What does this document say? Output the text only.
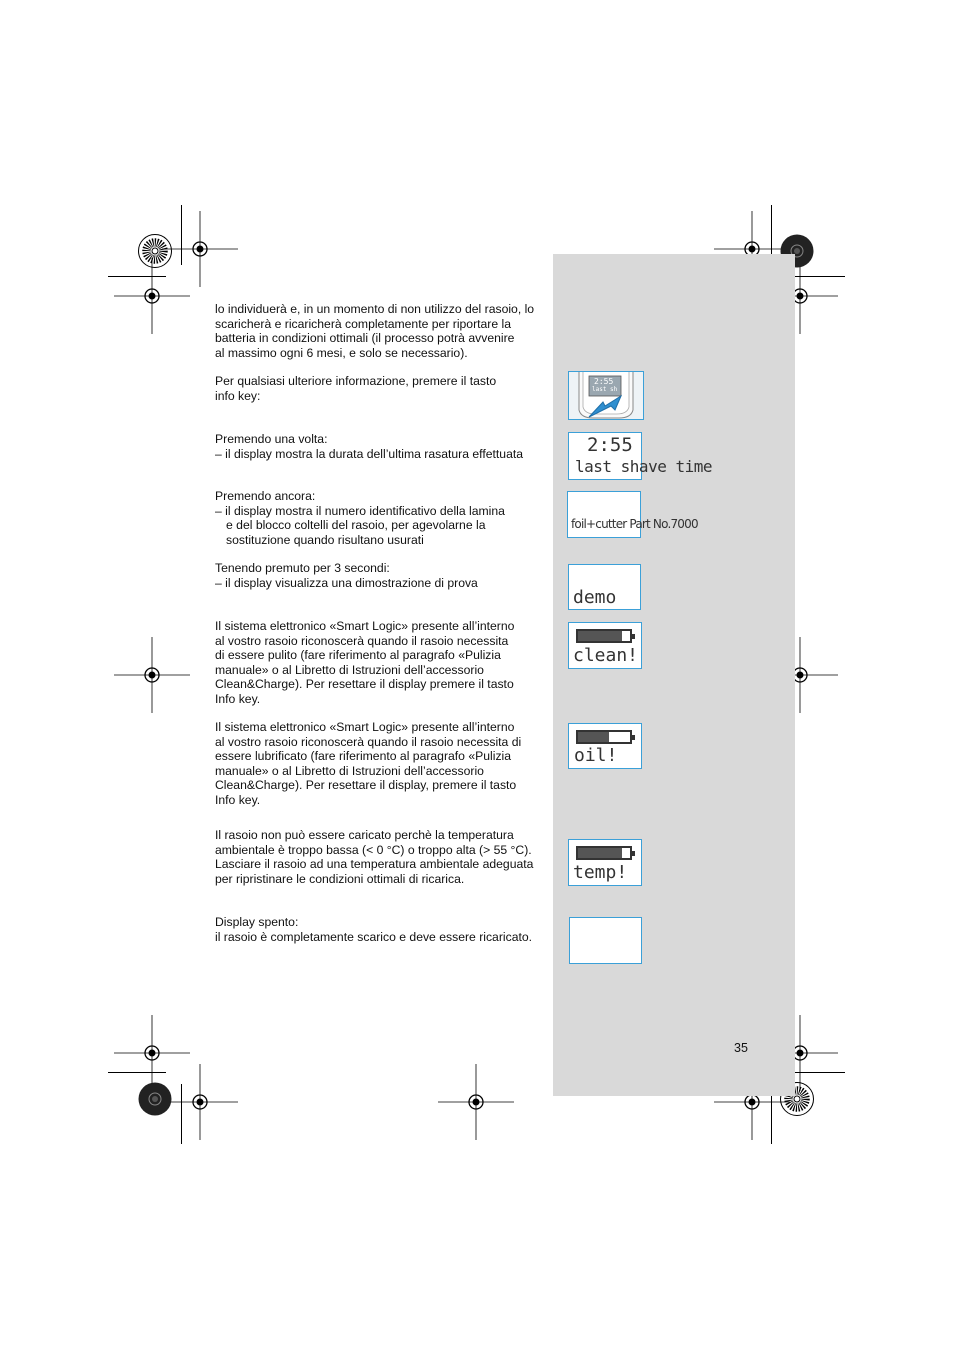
lo individuerà e, in un momento di non utilizzo del rasoio, lo
scaricherà e ricaricherà completamente per riportare la
batteria in condizioni ottimali (il processo potrà avvenire
al massimo ogni 6 mesi, e solo se necessario).
Per qualsiasi ulteriore informazione, premere il tasto
info key:
Premendo una volta:
– il display mostra la durata dell’ultima rasatura effettuata
Premendo ancora:
– il display mostra il numero identificativo della lamina
e del blocco coltelli del rasoio, per agevolarne la
sostituzione quando risultano usurati
Tenendo premuto per 3 secondi:
– il display visualizza una dimostrazione di prova
Il sistema elettronico «Smart Logic» presente all’interno
al vostro rasoio riconoscerà quando il rasoio necessita
di essere pulito (fare riferimento al paragrafo «Pulizia
manuale» o al Libretto di Istruzioni dell’accessorio
Clean&Charge). Per resettare il display premere il tasto
Info key.
Il sistema elettronico «Smart Logic» presente all’interno
al vostro rasoio riconoscerà quando il rasoio necessita di
essere lubrificato (fare riferimento al paragrafo «Pulizia
manuale» o al Libretto di Istruzioni dell’accessorio
Clean&Charge). Per resettare il display, premere il tasto
Info key.
Il rasoio non può essere caricato perchè la temperatura
ambientale è troppo bassa (< 0 °C) o troppo alta (> 55 °C).
Lasciare il rasoio ad una temperatura ambientale adeguata
per ripristinare le condizioni ottimali di ricarica.
Display spento:
il rasoio è completamente scarico e deve essere ricaricato.
2:55
last sh
2:55
last shave time
foil+cutter Part No.7000
demo
clean!
oil!
temp!
35
